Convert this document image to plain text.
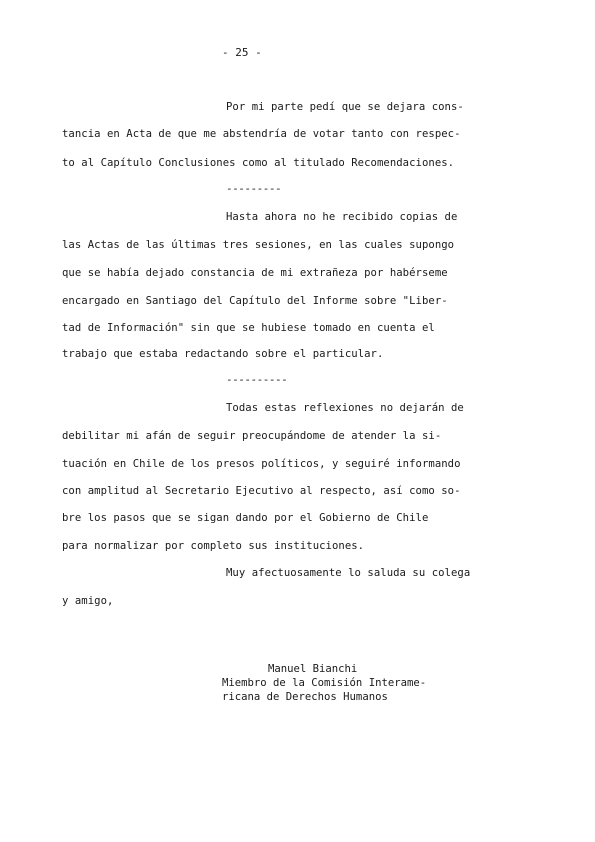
- 25 -
Por mi parte pedí que se dejara cons-
tancia en Acta de que me abstendría de votar tanto con respec-
to al Capítulo Conclusiones como al titulado Recomendaciones.
---------
Hasta ahora no he recibido copias de
las Actas de las últimas tres sesiones, en las cuales supongo
que se había dejado constancia de mi extrañeza por habérseme
encargado en Santiago del Capítulo del Informe sobre "Liber-
tad de Información" sin que se hubiese tomado en cuenta el
trabajo que estaba redactando sobre el particular.
----------
Todas estas reflexiones no dejarán de
debilitar mi afán de seguir preocupándome de atender la si-
tuación en Chile de los presos políticos, y seguiré informando
con amplitud al Secretario Ejecutivo al respecto, así como so-
bre los pasos que se sigan dando por el Gobierno de Chile
para normalizar por completo sus instituciones.
Muy afectuosamente lo saluda su colega
y amigo,
Manuel Bianchi
Miembro de la Comisión Interame-
ricana de Derechos Humanos
